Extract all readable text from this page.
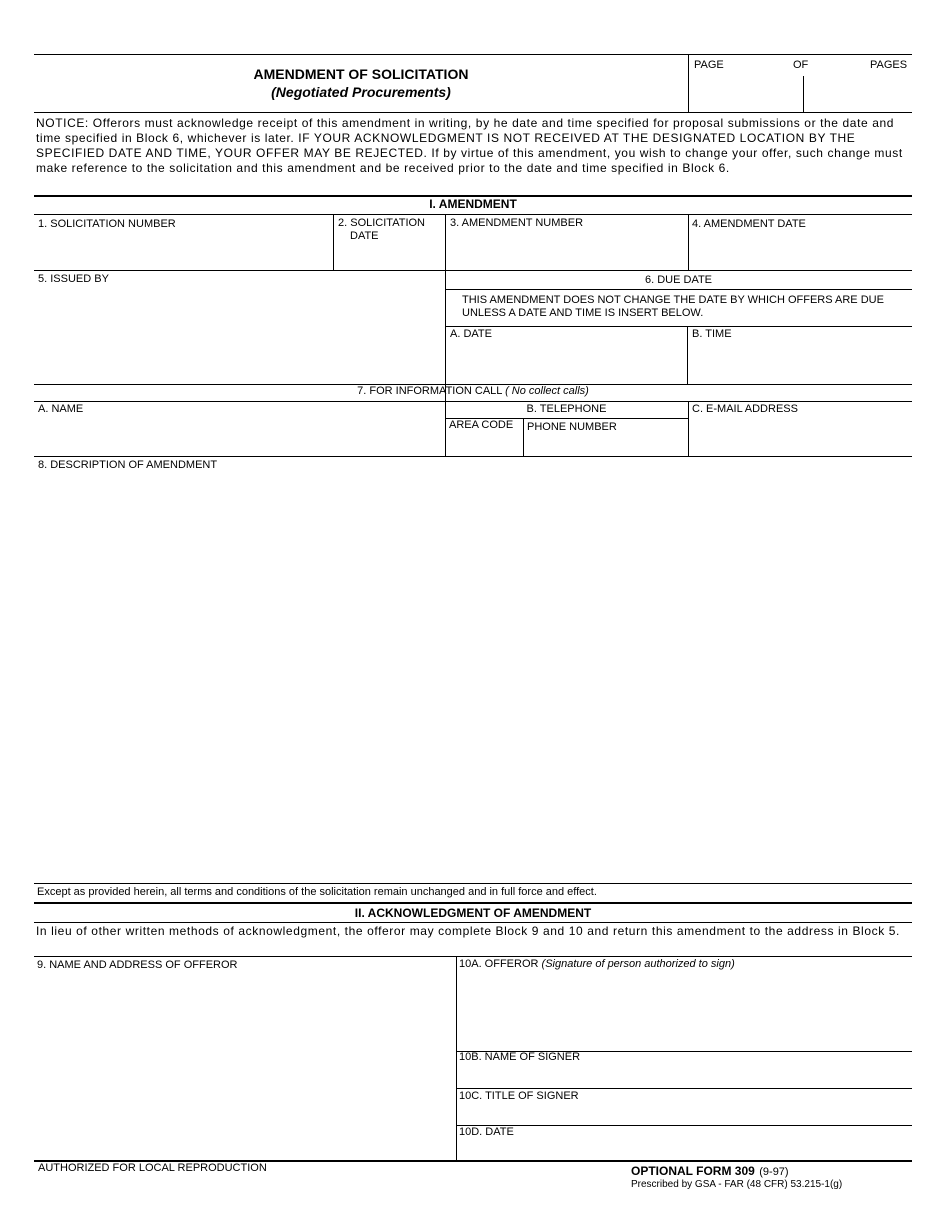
AMENDMENT OF SOLICITATION
(Negotiated Procurements)
PAGE	OF	PAGES
NOTICE: Offerors must acknowledge receipt of this amendment in writing, by he date and time specified for proposal submissions or the date and time specified in Block 6, whichever is later. IF YOUR ACKNOWLEDGMENT IS NOT RECEIVED AT THE DESIGNATED LOCATION BY THE SPECIFIED DATE AND TIME, YOUR OFFER MAY BE REJECTED. If by virtue of this amendment, you wish to change your offer, such change must make reference to the solicitation and this amendment and be received prior to the date and time specified in Block 6.
I. AMENDMENT
1. SOLICITATION NUMBER	2. SOLICITATION
DATE
3. AMENDMENT NUMBER	4. AMENDMENT DATE
5. ISSUED BY	6. DUE DATE
THIS AMENDMENT DOES NOT CHANGE THE DATE BY WHICH OFFERS ARE DUE
UNLESS A DATE AND TIME IS INSERT BELOW.
A. DATE	B. TIME
7. FOR INFORMATION CALL ( No collect calls)
A. NAME	B. TELEPHONE
AREA CODE PHONE NUMBER
C. E-MAIL ADDRESS
8. DESCRIPTION OF AMENDMENT
Except as provided herein, all terms and conditions of the solicitation remain unchanged and in full force and effect.
II. ACKNOWLEDGMENT OF AMENDMENT
In lieu of other written methods of acknowledgment, the offeror may complete Block 9 and 10 and return this amendment to the address in Block 5.
9. NAME AND ADDRESS OF OFFEROR	10A. OFFEROR (Signature of person authorized to sign)
10B. NAME OF SIGNER
10C. TITLE OF SIGNER
10D. DATE
AUTHORIZED FOR LOCAL REPRODUCTION	OPTIONAL FORM 309 (9-97)
Prescribed by GSA - FAR (48 CFR) 53.215-1(g)
